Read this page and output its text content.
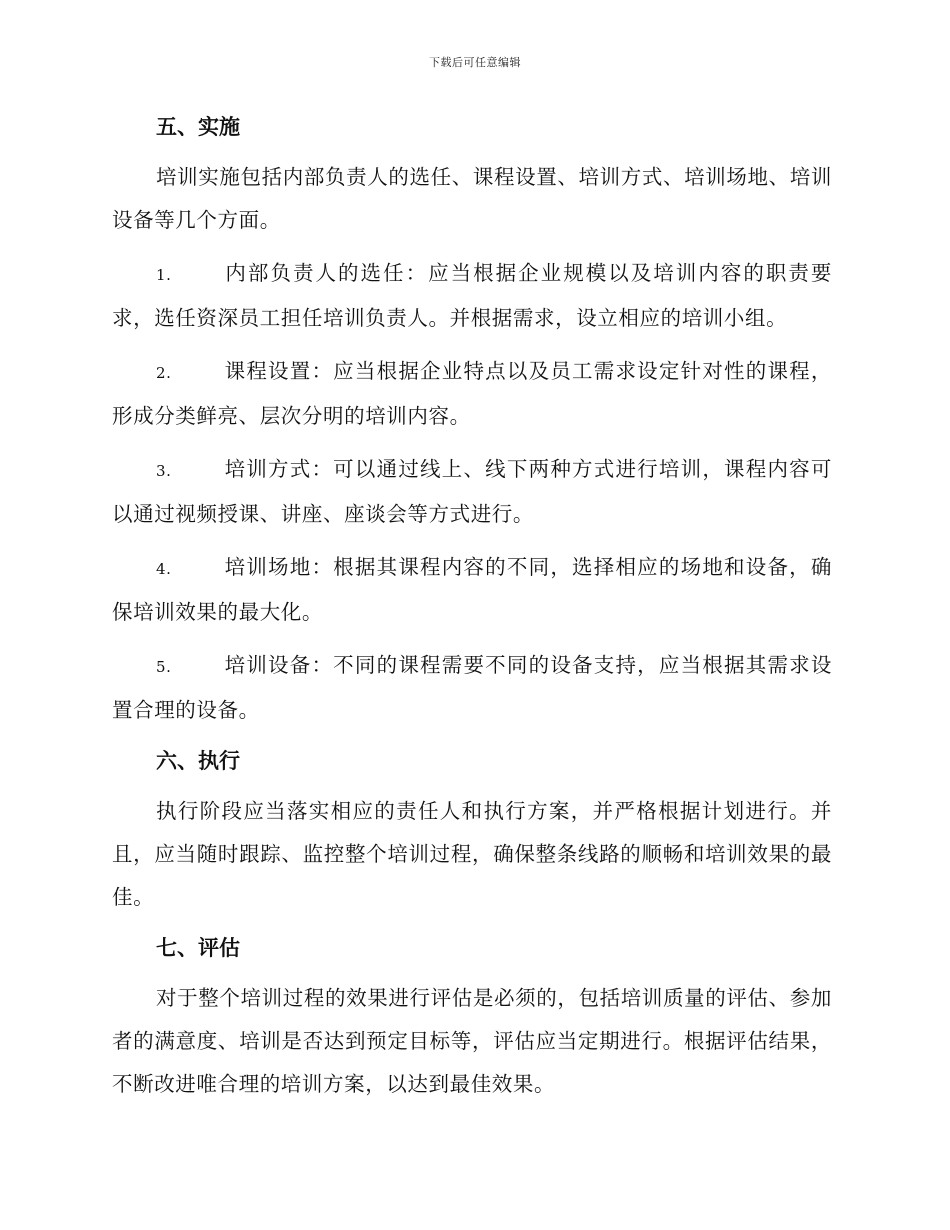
下载后可任意编辑
五、实施

培训实施包括内部负责人的选任、课程设置、培训方式、培训场地、培训设备等几个方面。

1.	内部负责人的选任：应当根据企业规模以及培训内容的职责要求，选任资深员工担任培训负责人。并根据需求，设立相应的培训小组。

2.	课程设置：应当根据企业特点以及员工需求设定针对性的课程，形成分类鲜亮、层次分明的培训内容。

3.	培训方式：可以通过线上、线下两种方式进行培训，课程内容可以通过视频授课、讲座、座谈会等方式进行。

4.	培训场地：根据其课程内容的不同，选择相应的场地和设备，确保培训效果的最大化。

5.	培训设备：不同的课程需要不同的设备支持，应当根据其需求设置合理的设备。

六、执行

执行阶段应当落实相应的责任人和执行方案，并严格根据计划进行。并且，应当随时跟踪、监控整个培训过程，确保整条线路的顺畅和培训效果的最佳。

七、评估

对于整个培训过程的效果进行评估是必须的，包括培训质量的评估、参加者的满意度、培训是否达到预定目标等，评估应当定期进行。根据评估结果，不断改进唯合理的培训方案，以达到最佳效果。
